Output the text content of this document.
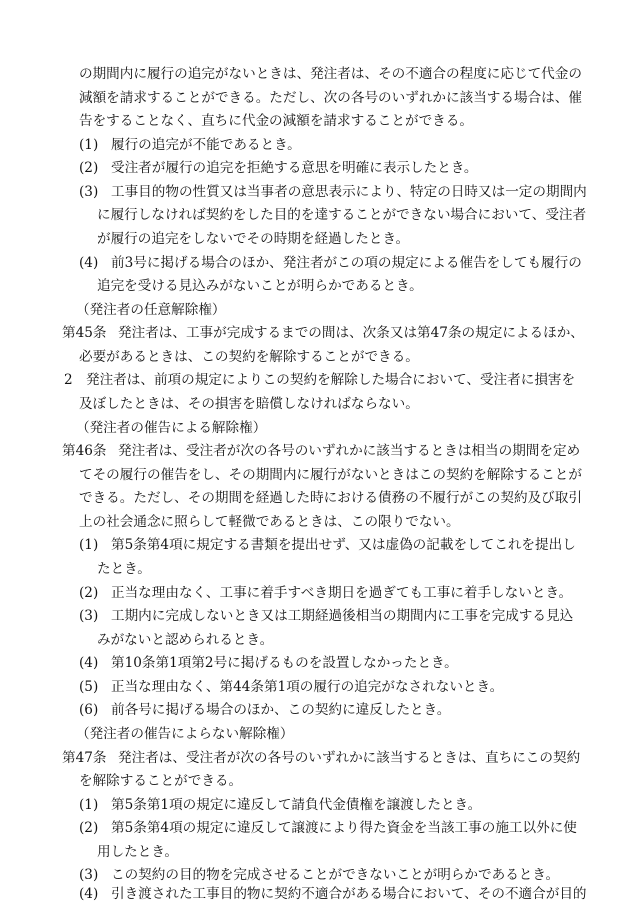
の期間内に履行の追完がないときは、発注者は、その不適合の程度に応じて代金の
減額を請求することができる。ただし、次の各号のいずれかに該当する場合は、催
告をすることなく、直ちに代金の減額を請求することができる。
(1) 履行の追完が不能であるとき。
(2) 受注者が履行の追完を拒絶する意思を明確に表示したとき。
(3) 工事目的物の性質又は当事者の意思表示により、特定の日時又は一定の期間内
に履行しなければ契約をした目的を達することができない場合において、受注者
が履行の追完をしないでその時期を経過したとき。
(4) 前3号に掲げる場合のほか、発注者がこの項の規定による催告をしても履行の
追完を受ける見込みがないことが明らかであるとき。
（発注者の任意解除権）
第45条 発注者は、工事が完成するまでの間は、次条又は第47条の規定によるほか、
必要があるときは、この契約を解除することができる。
2 発注者は、前項の規定によりこの契約を解除した場合において、受注者に損害を
及ぼしたときは、その損害を賠償しなければならない。
（発注者の催告による解除権）
第46条 発注者は、受注者が次の各号のいずれかに該当するときは相当の期間を定め
てその履行の催告をし、その期間内に履行がないときはこの契約を解除することが
できる。ただし、その期間を経過した時における債務の不履行がこの契約及び取引
上の社会通念に照らして軽微であるときは、この限りでない。
(1) 第5条第4項に規定する書類を提出せず、又は虚偽の記載をしてこれを提出し
たとき。
(2) 正当な理由なく、工事に着手すべき期日を過ぎても工事に着手しないとき。
(3) 工期内に完成しないとき又は工期経過後相当の期間内に工事を完成する見込
みがないと認められるとき。
(4) 第10条第1項第2号に掲げるものを設置しなかったとき。
(5) 正当な理由なく、第44条第1項の履行の追完がなされないとき。
(6) 前各号に掲げる場合のほか、この契約に違反したとき。
（発注者の催告によらない解除権）
第47条 発注者は、受注者が次の各号のいずれかに該当するときは、直ちにこの契約
を解除することができる。
(1) 第5条第1項の規定に違反して請負代金債権を譲渡したとき。
(2) 第5条第4項の規定に違反して譲渡により得た資金を当該工事の施工以外に使
用したとき。
(3) この契約の目的物を完成させることができないことが明らかであるとき。
(4) 引き渡された工事目的物に契約不適合がある場合において、その不適合が目的
